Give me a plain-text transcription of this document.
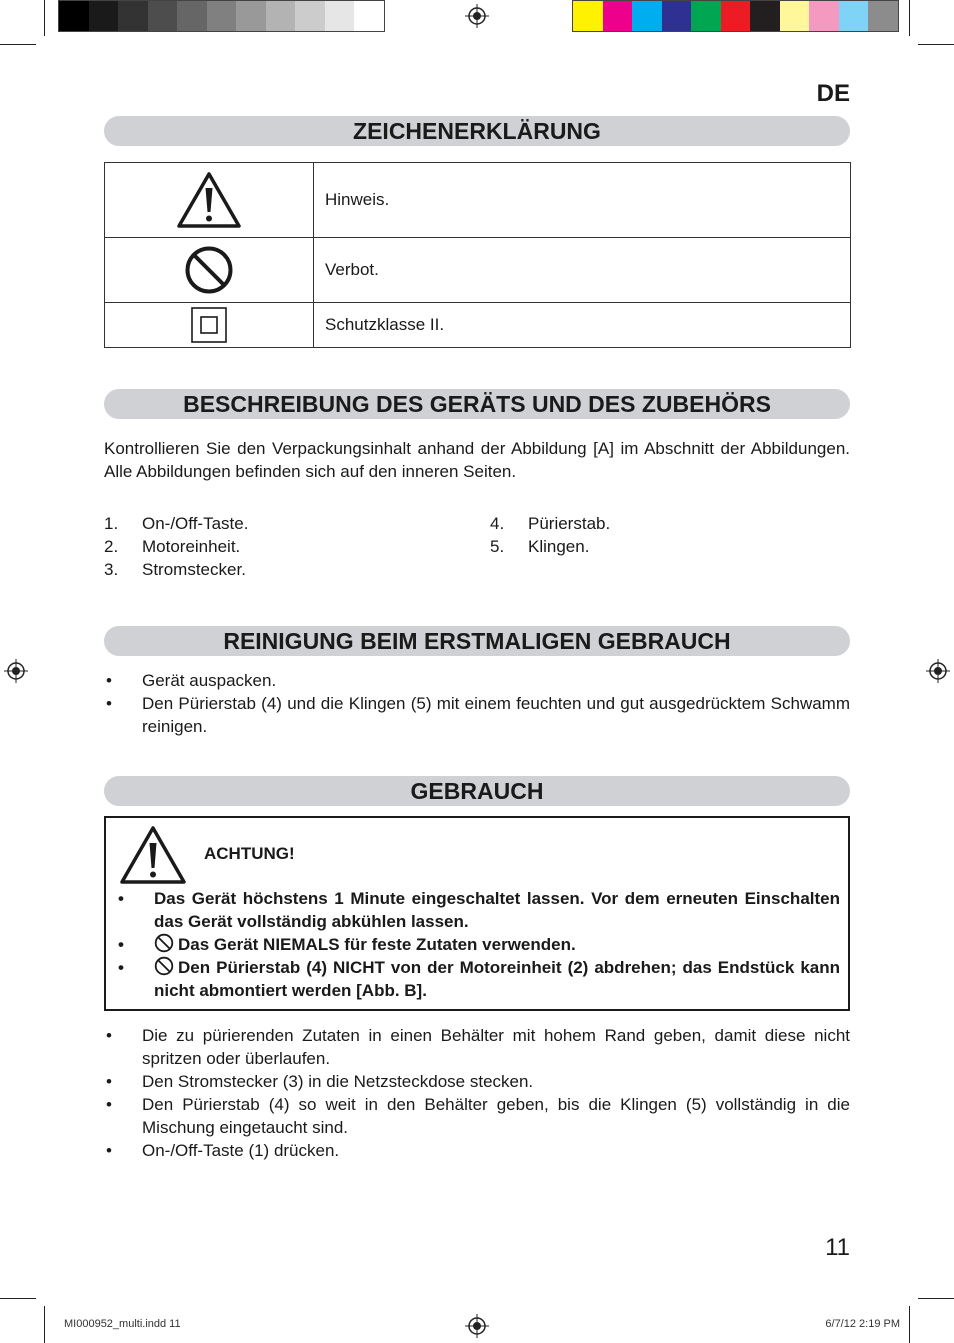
DE
ZEICHENERKLÄRUNG
	Hinweis.
	Verbot.
	Schutzklasse II.
BESCHREIBUNG DES GERÄTS UND DES ZUBEHÖRS
Kontrollieren Sie den Verpackungsinhalt anhand der Abbildung [A] im Abschnitt der Abbildungen. Alle Abbildungen befinden sich auf den inneren Seiten.
1.	On-/Off-Taste.
2.	Motoreinheit.
3.	Stromstecker.
4.	Pürierstab.
5.	Klingen.
REINIGUNG BEIM ERSTMALIGEN GEBRAUCH
•	Gerät auspacken.
•	Den Pürierstab (4) und die Klingen (5) mit einem feuchten und gut ausgedrücktem Schwamm reinigen.
GEBRAUCH
ACHTUNG!
•	Das Gerät höchstens 1 Minute eingeschaltet lassen. Vor dem erneuten Einschalten das Gerät vollständig abkühlen lassen.
•	Das Gerät NIEMALS für feste Zutaten verwenden.
•	Den Pürierstab (4) NICHT von der Motoreinheit (2) abdrehen; das Endstück kann nicht abmontiert werden [Abb. B].
•	Die zu pürierenden Zutaten in einen Behälter mit hohem Rand geben, damit diese nicht spritzen oder überlaufen.
•	Den Stromstecker (3) in die Netzsteckdose stecken.
•	Den Pürierstab (4) so weit in den Behälter geben, bis die Klingen (5) vollständig in die Mischung eingetaucht sind.
•	On-/Off-Taste (1) drücken.
11
MI000952_multi.indd 11	6/7/12 2:19 PM
